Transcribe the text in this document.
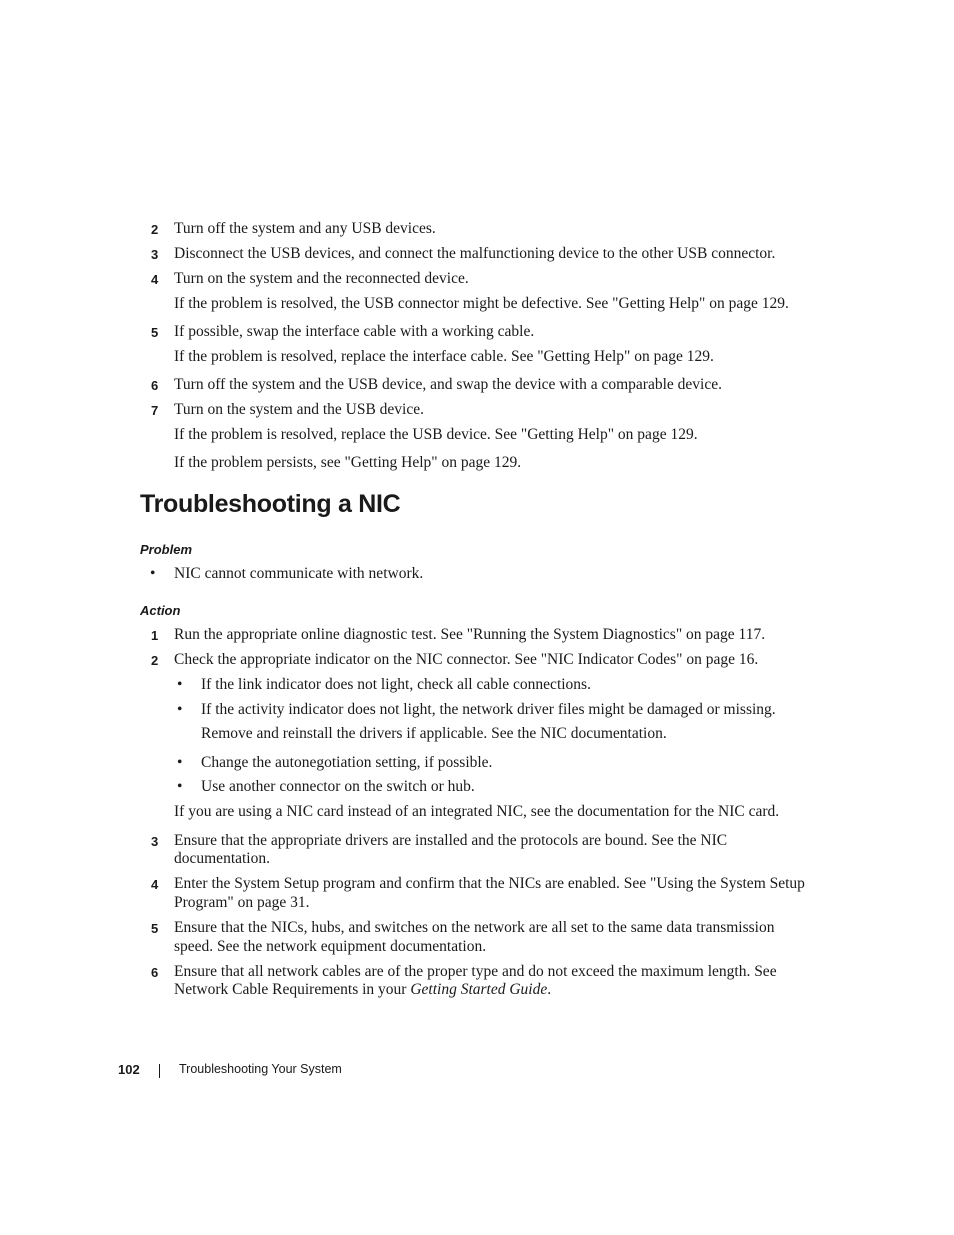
2 Turn off the system and any USB devices.
3 Disconnect the USB devices, and connect the malfunctioning device to the other USB connector.
4 Turn on the system and the reconnected device.
If the problem is resolved, the USB connector might be defective. See "Getting Help" on page 129.
5 If possible, swap the interface cable with a working cable.
If the problem is resolved, replace the interface cable. See "Getting Help" on page 129.
6 Turn off the system and the USB device, and swap the device with a comparable device.
7 Turn on the system and the USB device.
If the problem is resolved, replace the USB device. See "Getting Help" on page 129.
If the problem persists, see "Getting Help" on page 129.
Troubleshooting a NIC
Problem
• NIC cannot communicate with network.
Action
1 Run the appropriate online diagnostic test. See "Running the System Diagnostics" on page 117.
2 Check the appropriate indicator on the NIC connector. See "NIC Indicator Codes" on page 16.
• If the link indicator does not light, check all cable connections.
• If the activity indicator does not light, the network driver files might be damaged or missing.
Remove and reinstall the drivers if applicable. See the NIC documentation.
• Change the autonegotiation setting, if possible.
• Use another connector on the switch or hub.
If you are using a NIC card instead of an integrated NIC, see the documentation for the NIC card.
3 Ensure that the appropriate drivers are installed and the protocols are bound. See the NIC
documentation.
4 Enter the System Setup program and confirm that the NICs are enabled. See "Using the System Setup
Program" on page 31.
5 Ensure that the NICs, hubs, and switches on the network are all set to the same data transmission
speed. See the network equipment documentation.
6 Ensure that all network cables are of the proper type and do not exceed the maximum length. See
Network Cable Requirements in your Getting Started Guide.
102	Troubleshooting Your System
